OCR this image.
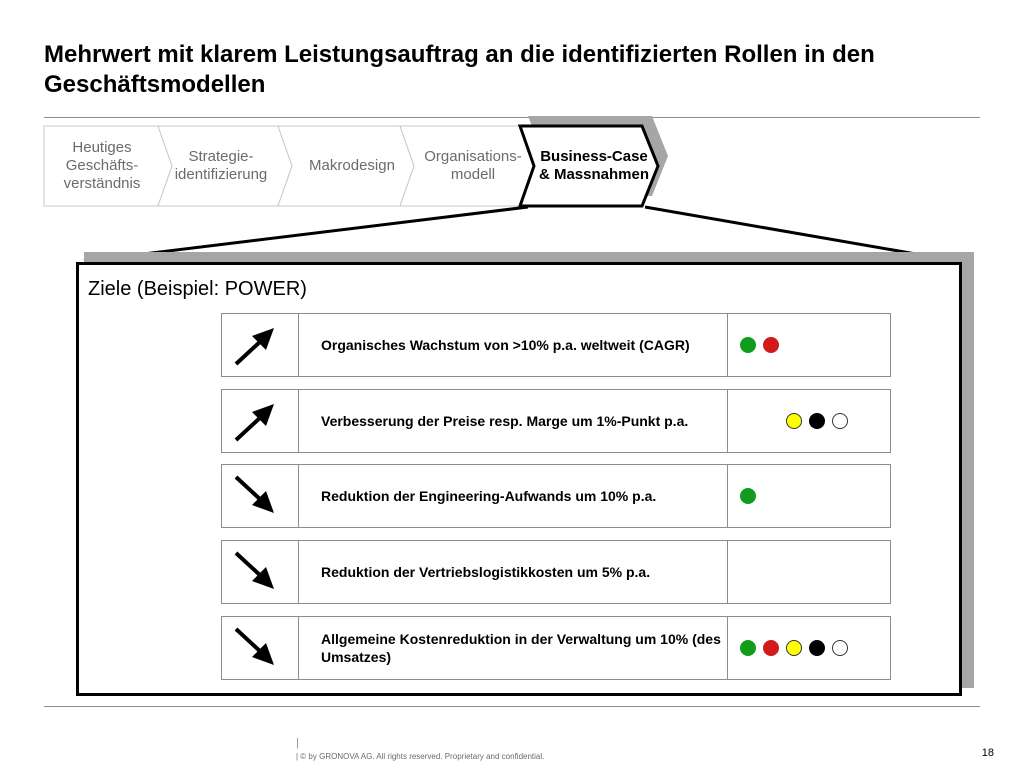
Mehrwert mit klarem Leistungsauftrag an die identifizierten Rollen in den Geschäftsmodellen
Heutiges
Geschäfts-
verständnis
Strategie-
identifizierung
Makrodesign
Organisations-
modell
Business-Case
& Massnahmen
Ziele (Beispiel: POWER)
Organisches Wachstum von >10% p.a. weltweit (CAGR)
Verbesserung der Preise resp. Marge um 1%-Punkt p.a.
Reduktion der Engineering-Aufwands um 10% p.a.
Reduktion der Vertriebslogistikkosten um 5% p.a.
Allgemeine Kostenreduktion in der Verwaltung um 10% (des Umsatzes)
|
| © by GRONOVA AG. All rights reserved. Proprietary and confidential.	18
